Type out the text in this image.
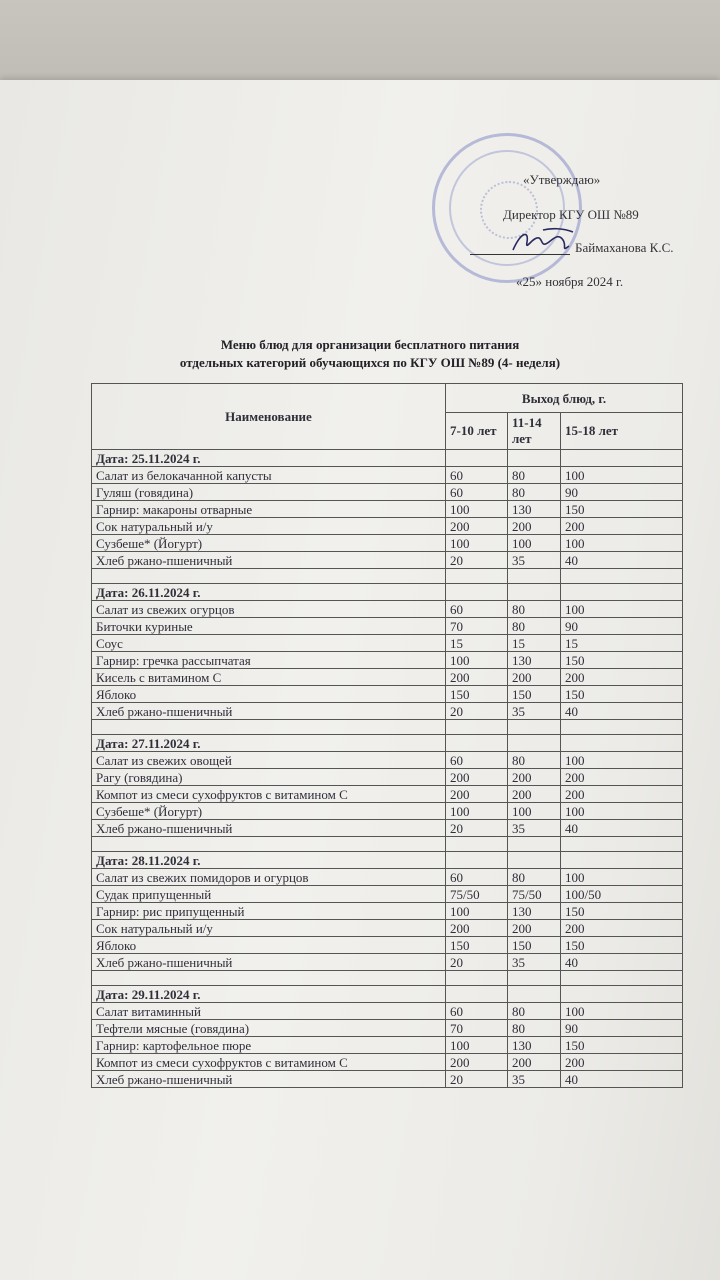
«Утверждаю»
Директор КГУ ОШ №89
Баймаханова К.С.
«25» ноября 2024 г.
Меню блюд для организации бесплатного питания
отдельных категорий обучающихся по КГУ ОШ №89 (4- неделя)
Наименование	Выход блюд, г.		
	7-10 лет	11-14 лет	15-18 лет
Дата: 25.11.2024 г.			
Салат из белокачанной капусты	60	80	100
Гуляш (говядина)	60	80	90
Гарнир: макароны отварные	100	130	150
Сок натуральный и/у	200	200	200
Сузбеше* (Йогурт)	100	100	100
Хлеб ржано-пшеничный	20	35	40

Дата: 26.11.2024 г.			
Салат из свежих огурцов	60	80	100
Биточки куриные	70	80	90
Соус	15	15	15
Гарнир: гречка рассыпчатая	100	130	150
Кисель с витамином С	200	200	200
Яблоко	150	150	150
Хлеб ржано-пшеничный	20	35	40

Дата: 27.11.2024 г.			
Салат из свежих овощей	60	80	100
Рагу (говядина)	200	200	200
Компот из смеси сухофруктов с витамином С	200	200	200
Сузбеше* (Йогурт)	100	100	100
Хлеб ржано-пшеничный	20	35	40

Дата: 28.11.2024 г.			
Салат из свежих помидоров и огурцов	60	80	100
Судак припущенный	75/50	75/50	100/50
Гарнир: рис припущенный	100	130	150
Сок натуральный и/у	200	200	200
Яблоко	150	150	150
Хлеб ржано-пшеничный	20	35	40

Дата: 29.11.2024 г.			
Салат витаминный	60	80	100
Тефтели мясные (говядина)	70	80	90
Гарнир: картофельное пюре	100	130	150
Компот из смеси сухофруктов с витамином С	200	200	200
Хлеб ржано-пшеничный	20	35	40
